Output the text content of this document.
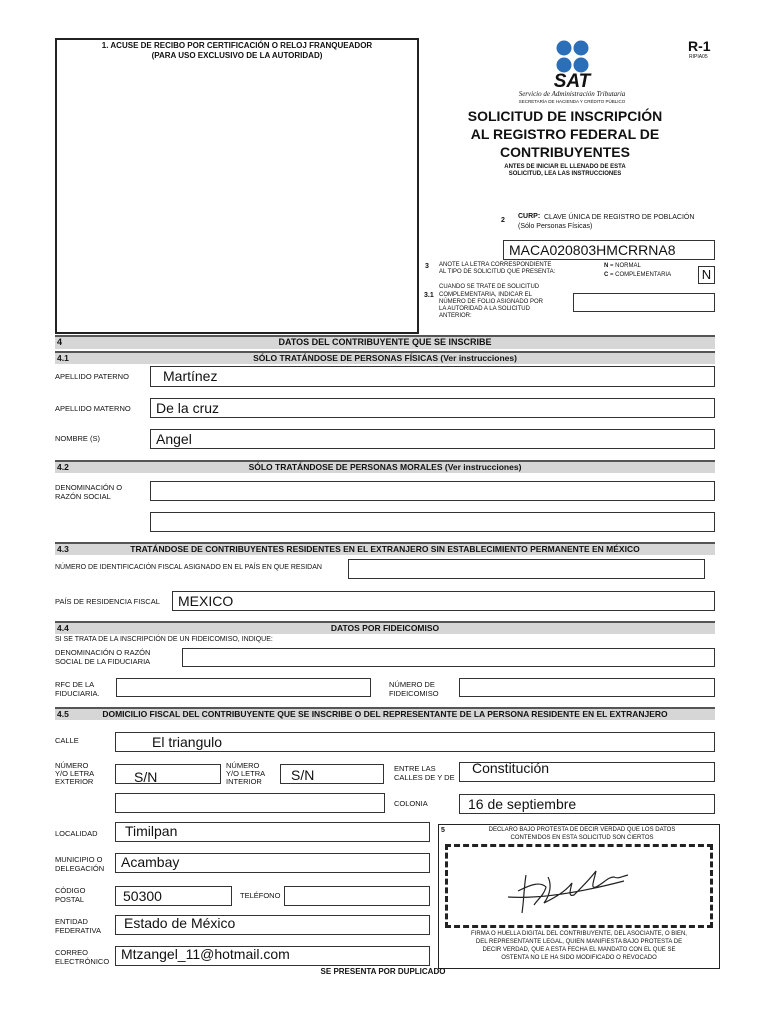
1. ACUSE DE RECIBO POR CERTIFICACIÓN O RELOJ FRANQUEADOR
(PARA USO EXCLUSIVO DE LA AUTORIDAD)
SAT
Servicio de Administración Tributaria
SECRETARÍA DE HACIENDA Y CRÉDITO PÚBLICO
R-1
RIPIA05
SOLICITUD DE INSCRIPCIÓN
AL REGISTRO FEDERAL DE
CONTRIBUYENTES
ANTES DE INICIAR EL LLENADO DE ESTA
SOLICITUD, LEA LAS INSTRUCCIONES
2
CURP: CLAVE ÚNICA DE REGISTRO DE POBLACIÓN
(Sólo Personas Físicas)
MACA020803HMCRRNA8
3 ANOTE LA LETRA CORRESPONDIENTE
AL TIPO DE SOLICITUD QUE PRESENTA:
N = NORMAL
C = COMPLEMENTARIA N
3.1
CUANDO SE TRATE DE SOLICITUD
COMPLEMENTARIA, INDICAR EL
NÚMERO DE FOLIO ASIGNADO POR
LA AUTORIDAD A LA SOLICITUD
ANTERIOR:
4	DATOS DEL CONTRIBUYENTE QUE SE INSCRIBE
4.1	SÓLO TRATÁNDOSE DE PERSONAS FÍSICAS (Ver instrucciones)
APELLIDO PATERNO	Martínez
APELLIDO MATERNO	De la cruz
NOMBRE (S)	Angel
4.2	SÓLO TRATÁNDOSE DE PERSONAS MORALES (Ver instrucciones)
DENOMINACIÓN O
RAZÓN SOCIAL
4.3	TRATÁNDOSE DE CONTRIBUYENTES RESIDENTES EN EL EXTRANJERO SIN ESTABLECIMIENTO PERMANENTE EN MÉXICO
NÚMERO DE IDENTIFICACIÓN FISCAL ASIGNADO EN EL PAÍS EN QUE RESIDAN
PAÍS DE RESIDENCIA FISCAL	MEXICO
4.4	DATOS POR FIDEICOMISO
SI SE TRATA DE LA INSCRIPCIÓN DE UN FIDEICOMISO, INDIQUE:
DENOMINACIÓN O RAZÓN
SOCIAL DE LA FIDUCIARIA
RFC DE LA
FIDUCIARIA.
NÚMERO DE
FIDEICOMISO
4.5	DOMICILIO FISCAL DEL CONTRIBUYENTE QUE SE INSCRIBE O DEL REPRESENTANTE DE LA PERSONA RESIDENTE EN EL EXTRANJERO
CALLE	El triangulo
NÚMERO
Y/O LETRA
EXTERIOR	S/N
NÚMERO
Y/O LETRA
INTERIOR	S/N	ENTRE LAS
CALLES DE Y DE
Constitución
COLONIA	16 de septiembre
LOCALIDAD	Timilpan
MUNICIPIO O
DELEGACIÓN	Acambay
CÓDIGO
POSTAL	50300	TELÉFONO
ENTIDAD
FEDERATIVA	Estado de México
CORREO
ELECTRÓNICO Mtzangel_11@hotmail.com
5	DECLARO BAJO PROTESTA DE DECIR VERDAD QUE LOS DATOS
CONTENIDOS EN ESTA SOLICITUD SON CIERTOS
FIRMA O HUELLA DIGITAL DEL CONTRIBUYENTE, DEL ASOCIANTE, O BIEN,
DEL REPRESENTANTE LEGAL, QUIEN MANIFIESTA BAJO PROTESTA DE
DECIR VERDAD, QUE A ESTA FECHA EL MANDATO CON EL QUE SE
OSTENTA NO LE HA SIDO MODIFICADO O REVOCADO
SE PRESENTA POR DUPLICADO
